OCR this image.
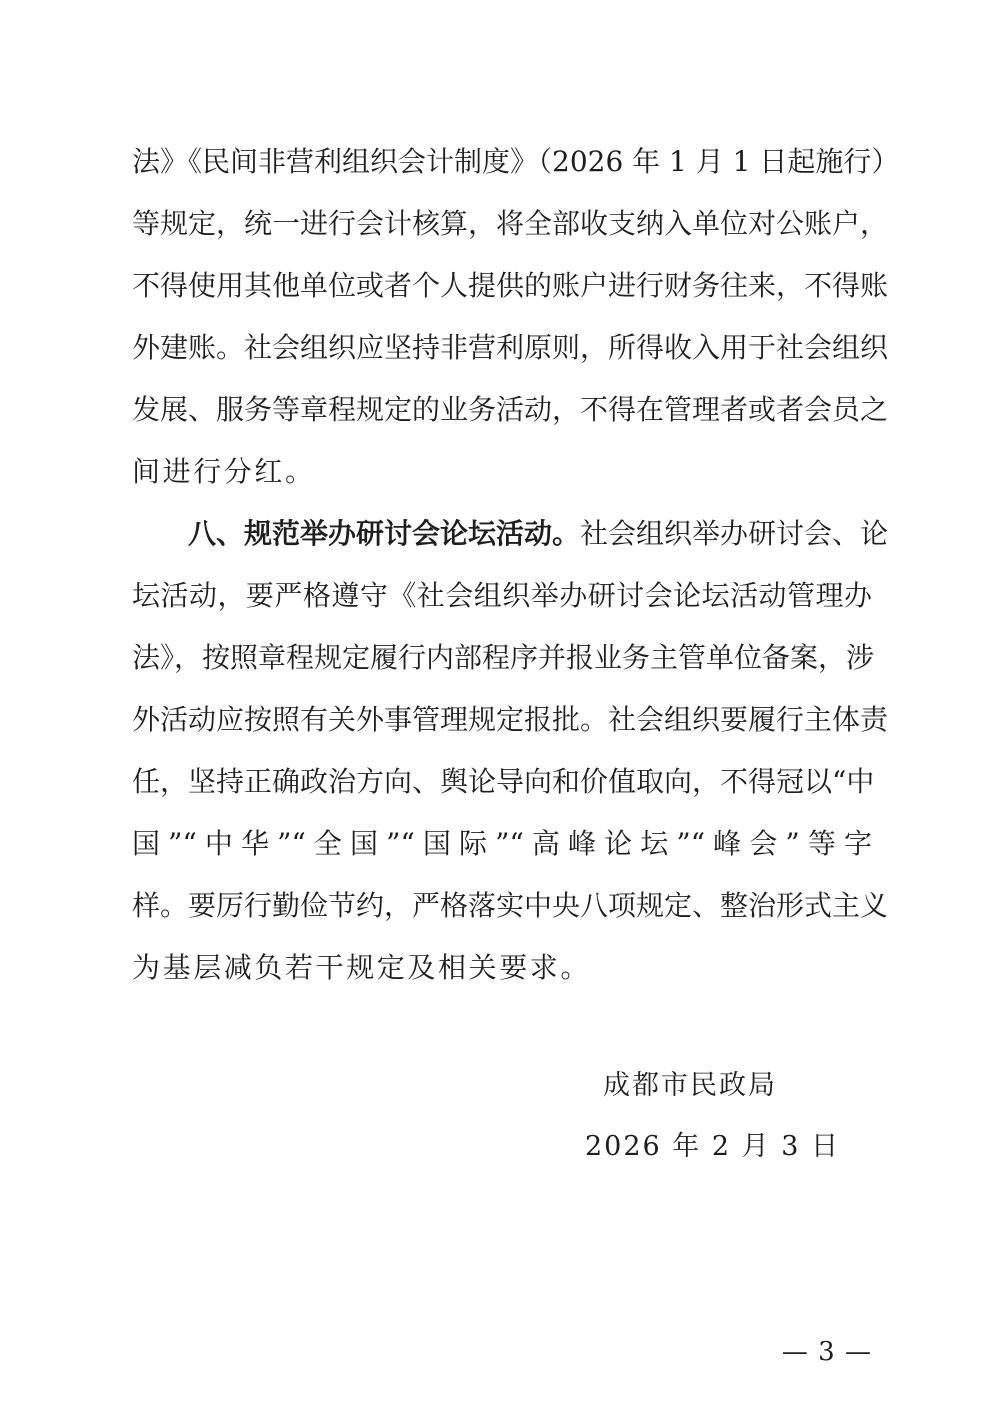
法》《民间非营利组织会计制度》（2026 年 1 月 1 日起施行）
等规定，统一进行会计核算，将全部收支纳入单位对公账户，
不得使用其他单位或者个人提供的账户进行财务往来，不得账
外建账。社会组织应坚持非营利原则，所得收入用于社会组织
发展、服务等章程规定的业务活动，不得在管理者或者会员之
间进行分红。
八、规范举办研讨会论坛活动。社会组织举办研讨会、论
坛活动，要严格遵守《社会组织举办研讨会论坛活动管理办
法》，按照章程规定履行内部程序并报业务主管单位备案，涉
外活动应按照有关外事管理规定报批。社会组织要履行主体责
任，坚持正确政治方向、舆论导向和价值取向，不得冠以“中
国”“中华”“全国”“国际”“高峰论坛”“峰会”等字
样。要厉行勤俭节约，严格落实中央八项规定、整治形式主义
为基层减负若干规定及相关要求。
成都市民政局
2026 年 2 月 3 日
— 3 —
